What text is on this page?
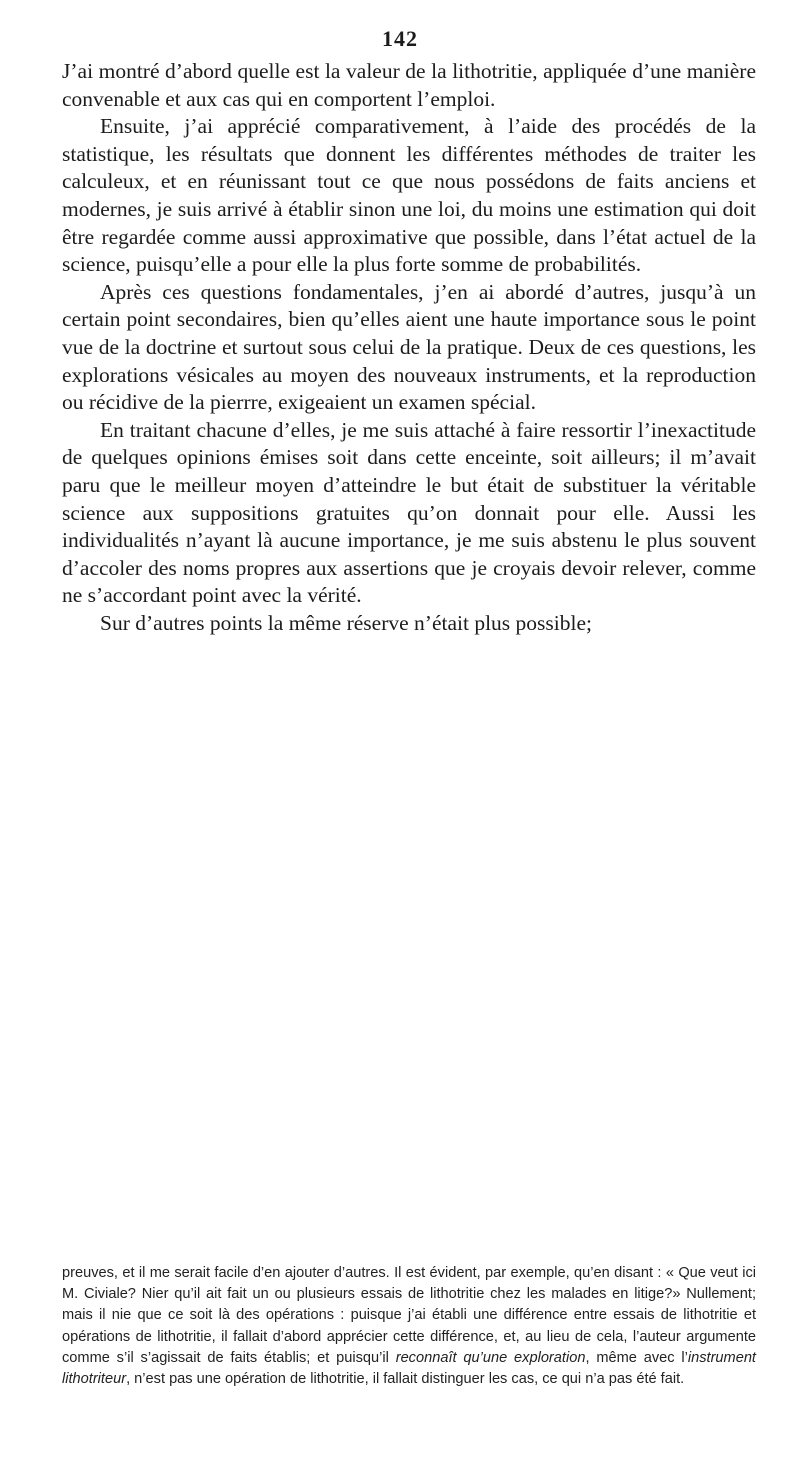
142

J’ai montré d’abord quelle est la valeur de la lithotritie, appliquée d’une manière convenable et aux cas qui en comportent l’emploi.

Ensuite, j’ai apprécié comparativement, à l’aide des procédés de la statistique, les résultats que donnent les différentes méthodes de traiter les calculeux, et en réunissant tout ce que nous possédons de faits anciens et modernes, je suis arrivé à établir sinon une loi, du moins une estimation qui doit être regardée comme aussi approximative que possible, dans l’état actuel de la science, puisqu’elle a pour elle la plus forte somme de probabilités.

Après ces questions fondamentales, j’en ai abordé d’autres, jusqu’à un certain point secondaires, bien qu’elles aient une haute importance sous le point vue de la doctrine et surtout sous celui de la pratique. Deux de ces questions, les explorations vésicales au moyen des nouveaux instruments, et la reproduction ou récidive de la pierrre, exigeaient un examen spécial.

En traitant chacune d’elles, je me suis attaché à faire ressortir l’inexactitude de quelques opinions émises soit dans cette enceinte, soit ailleurs; il m’avait paru que le meilleur moyen d’atteindre le but était de substituer la véritable science aux suppositions gratuites qu’on donnait pour elle. Aussi les individualités n’ayant là aucune importance, je me suis abstenu le plus souvent d’accoler des noms propres aux assertions que je croyais devoir relever, comme ne s’accordant point avec la vérité.

Sur d’autres points la même réserve n’était plus possible;

preuves, et il me serait facile d’en ajouter d’autres. Il est évident, par exemple, qu’en disant : « Que veut ici M. Civiale? Nier qu’il ait fait un ou plusieurs essais de lithotritie chez les malades en litige?» Nullement; mais il nie que ce soit là des opérations : puisque j’ai établi une différence entre essais de lithotritie et opérations de lithotritie, il fallait d’abord apprécier cette différence, et, au lieu de cela, l’auteur argumente comme s’il s’agissait de faits établis; et puisqu’il reconnaît qu’une exploration, même avec l’instrument lithotriteur, n’est pas une opération de lithotritie, il fallait distinguer les cas, ce qui n’a pas été fait.
